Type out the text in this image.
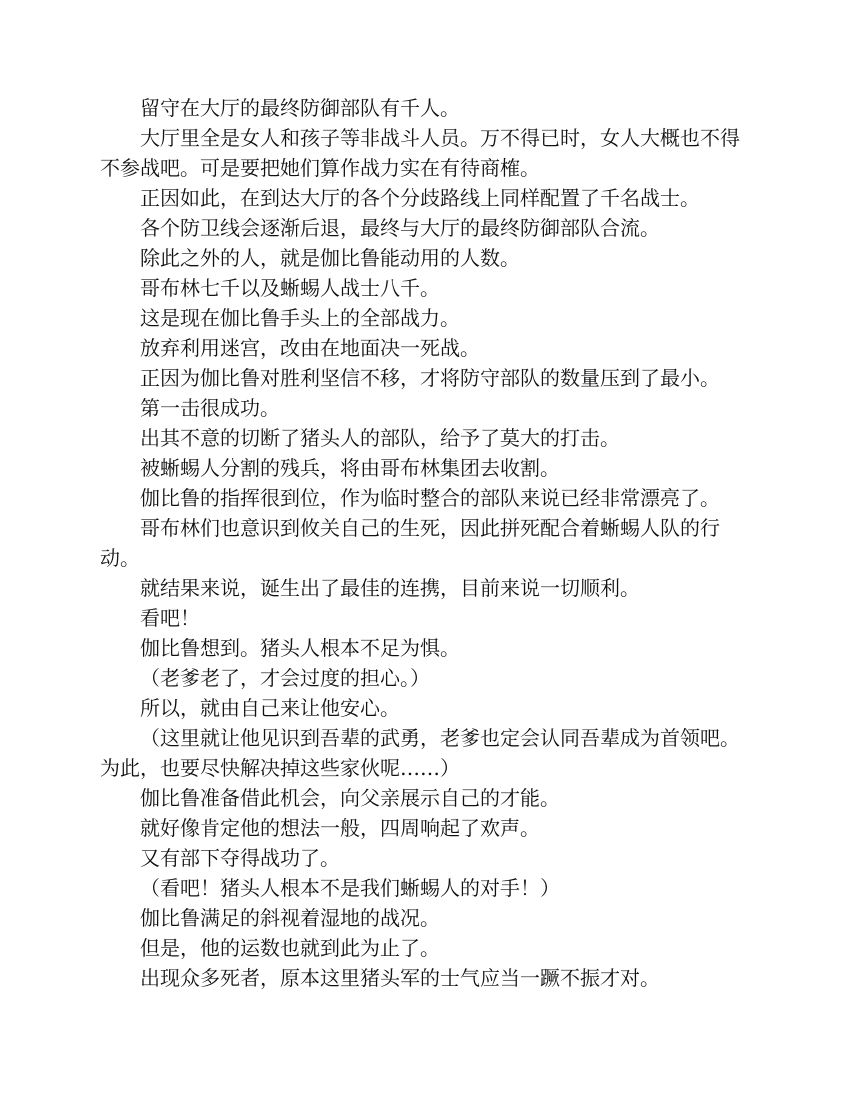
留守在大厅的最终防御部队有千人。

大厅里全是女人和孩子等非战斗人员。万不得已时，女人大概也不得不参战吧。可是要把她们算作战力实在有待商榷。

正因如此，在到达大厅的各个分歧路线上同样配置了千名战士。

各个防卫线会逐渐后退，最终与大厅的最终防御部队合流。

除此之外的人，就是伽比鲁能动用的人数。

哥布林七千以及蜥蜴人战士八千。

这是现在伽比鲁手头上的全部战力。

放弃利用迷宫，改由在地面决一死战。

正因为伽比鲁对胜利坚信不移，才将防守部队的数量压到了最小。

第一击很成功。

出其不意的切断了猪头人的部队，给予了莫大的打击。

被蜥蜴人分割的残兵，将由哥布林集团去收割。

伽比鲁的指挥很到位，作为临时整合的部队来说已经非常漂亮了。

哥布林们也意识到攸关自己的生死，因此拼死配合着蜥蜴人队的行动。

就结果来说，诞生出了最佳的连携，目前来说一切顺利。

看吧！

伽比鲁想到。猪头人根本不足为惧。

（老爹老了，才会过度的担心。）

所以，就由自己来让他安心。

（这里就让他见识到吾辈的武勇，老爹也定会认同吾辈成为首领吧。为此，也要尽快解决掉这些家伙呢……）

伽比鲁准备借此机会，向父亲展示自己的才能。

就好像肯定他的想法一般，四周响起了欢声。

又有部下夺得战功了。

（看吧！猪头人根本不是我们蜥蜴人的对手！）

伽比鲁满足的斜视着湿地的战况。

但是，他的运数也就到此为止了。

出现众多死者，原本这里猪头军的士气应当一蹶不振才对。
